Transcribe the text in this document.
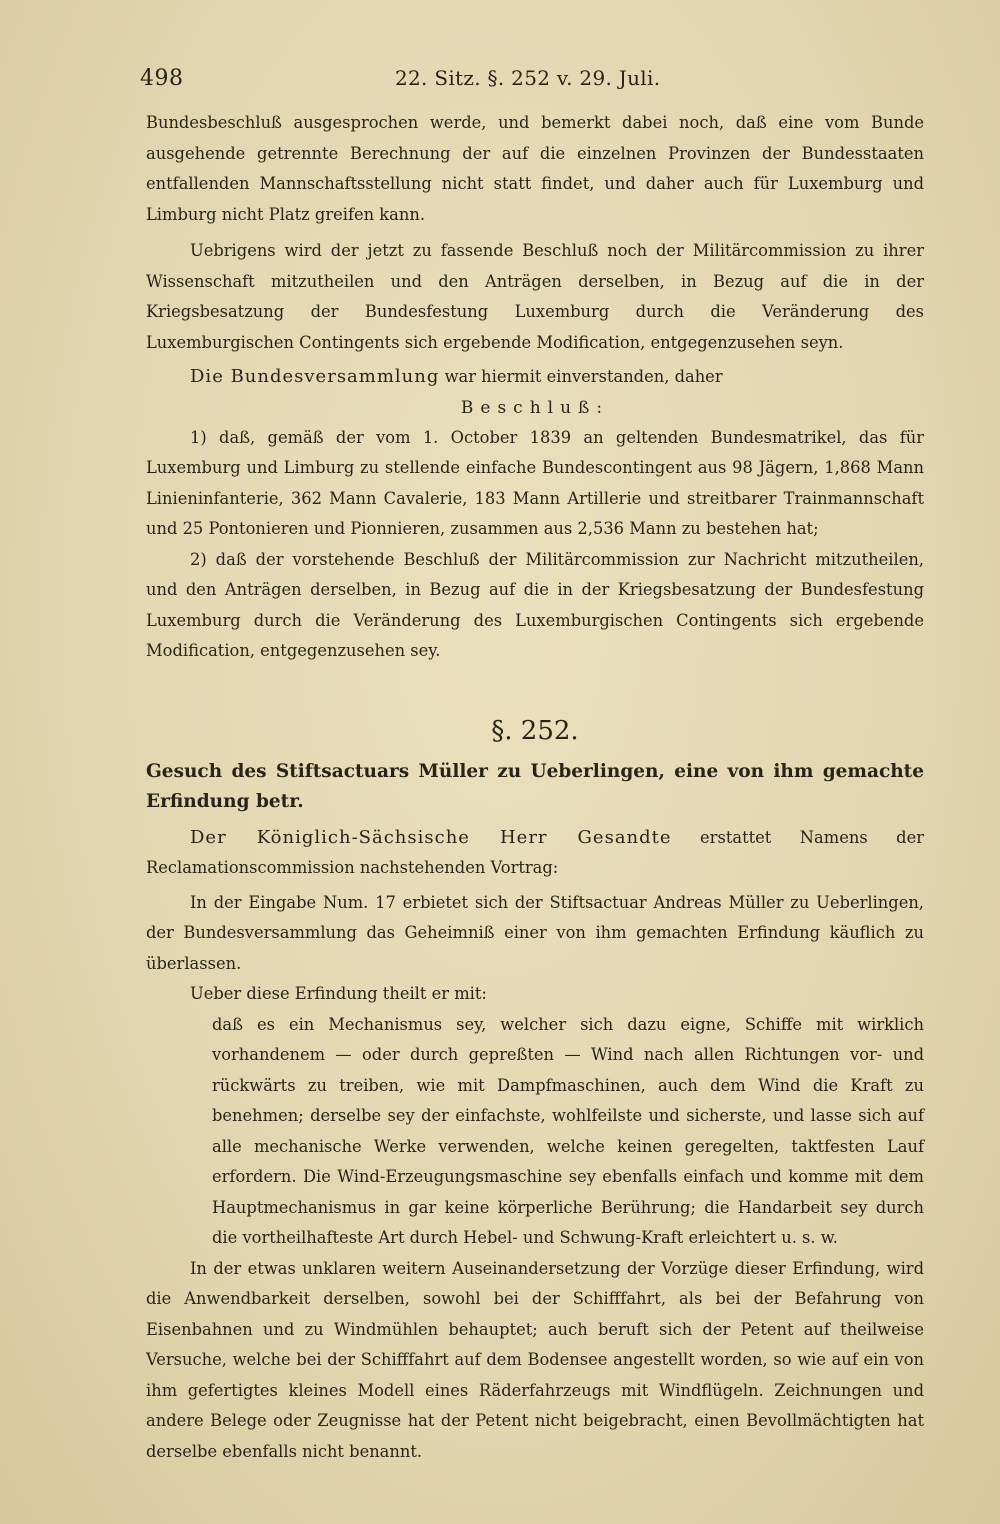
498	22. Sitz. §. 252 v. 29. Juli.

Bundesbeschluß ausgesprochen werde, und bemerkt dabei noch, daß eine vom Bunde ausgehende getrennte Berechnung der auf die einzelnen Provinzen der Bundesstaaten entfallenden Mannschaftsstellung nicht statt findet, und daher auch für Luxemburg und Limburg nicht Platz greifen kann.

Uebrigens wird der jetzt zu fassende Beschluß noch der Militärcommission zu ihrer Wissenschaft mitzutheilen und den Anträgen derselben, in Bezug auf die in der Kriegsbesatzung der Bundesfestung Luxemburg durch die Veränderung des Luxemburgischen Contingents sich ergebende Modification, entgegenzusehen seyn.

Die Bundesversammlung war hiermit einverstanden, daher

Beschluß:

1) daß, gemäß der vom 1. October 1839 an geltenden Bundesmatrikel, das für Luxemburg und Limburg zu stellende einfache Bundescontingent aus 98 Jägern, 1,868 Mann Linieninfanterie, 362 Mann Cavalerie, 183 Mann Artillerie und streitbarer Trainmannschaft und 25 Pontonieren und Pionnieren, zusammen aus 2,536 Mann zu bestehen hat;

2) daß der vorstehende Beschluß der Militärcommission zur Nachricht mitzutheilen, und den Anträgen derselben, in Bezug auf die in der Kriegsbesatzung der Bundesfestung Luxemburg durch die Veränderung des Luxemburgischen Contingents sich ergebende Modification, entgegenzusehen sey.

§. 252.

Gesuch des Stiftsactuars Müller zu Ueberlingen, eine von ihm gemachte Erfindung betr.

Der Königlich-Sächsische Herr Gesandte erstattet Namens der Reclamationscommission nachstehenden Vortrag:

In der Eingabe Num. 17 erbietet sich der Stiftsactuar Andreas Müller zu Ueberlingen, der Bundesversammlung das Geheimniß einer von ihm gemachten Erfindung käuflich zu überlassen.

Ueber diese Erfindung theilt er mit:

daß es ein Mechanismus sey, welcher sich dazu eigne, Schiffe mit wirklich vorhandenem — oder durch gepreßten — Wind nach allen Richtungen vor- und rückwärts zu treiben, wie mit Dampfmaschinen, auch dem Wind die Kraft zu benehmen; derselbe sey der einfachste, wohlfeilste und sicherste, und lasse sich auf alle mechanische Werke verwenden, welche keinen geregelten, taktfesten Lauf erfordern. Die Wind-Erzeugungsmaschine sey ebenfalls einfach und komme mit dem Hauptmechanismus in gar keine körperliche Berührung; die Handarbeit sey durch die vortheilhafteste Art durch Hebel- und Schwung-Kraft erleichtert u. s. w.

In der etwas unklaren weitern Auseinandersetzung der Vorzüge dieser Erfindung, wird die Anwendbarkeit derselben, sowohl bei der Schifffahrt, als bei der Befahrung von Eisenbahnen und zu Windmühlen behauptet; auch beruft sich der Petent auf theilweise Versuche, welche bei der Schifffahrt auf dem Bodensee angestellt worden, so wie auf ein von ihm gefertigtes kleines Modell eines Räderfahrzeugs mit Windflügeln. Zeichnungen und andere Belege oder Zeugnisse hat der Petent nicht beigebracht, einen Bevollmächtigten hat derselbe ebenfalls nicht benannt.
